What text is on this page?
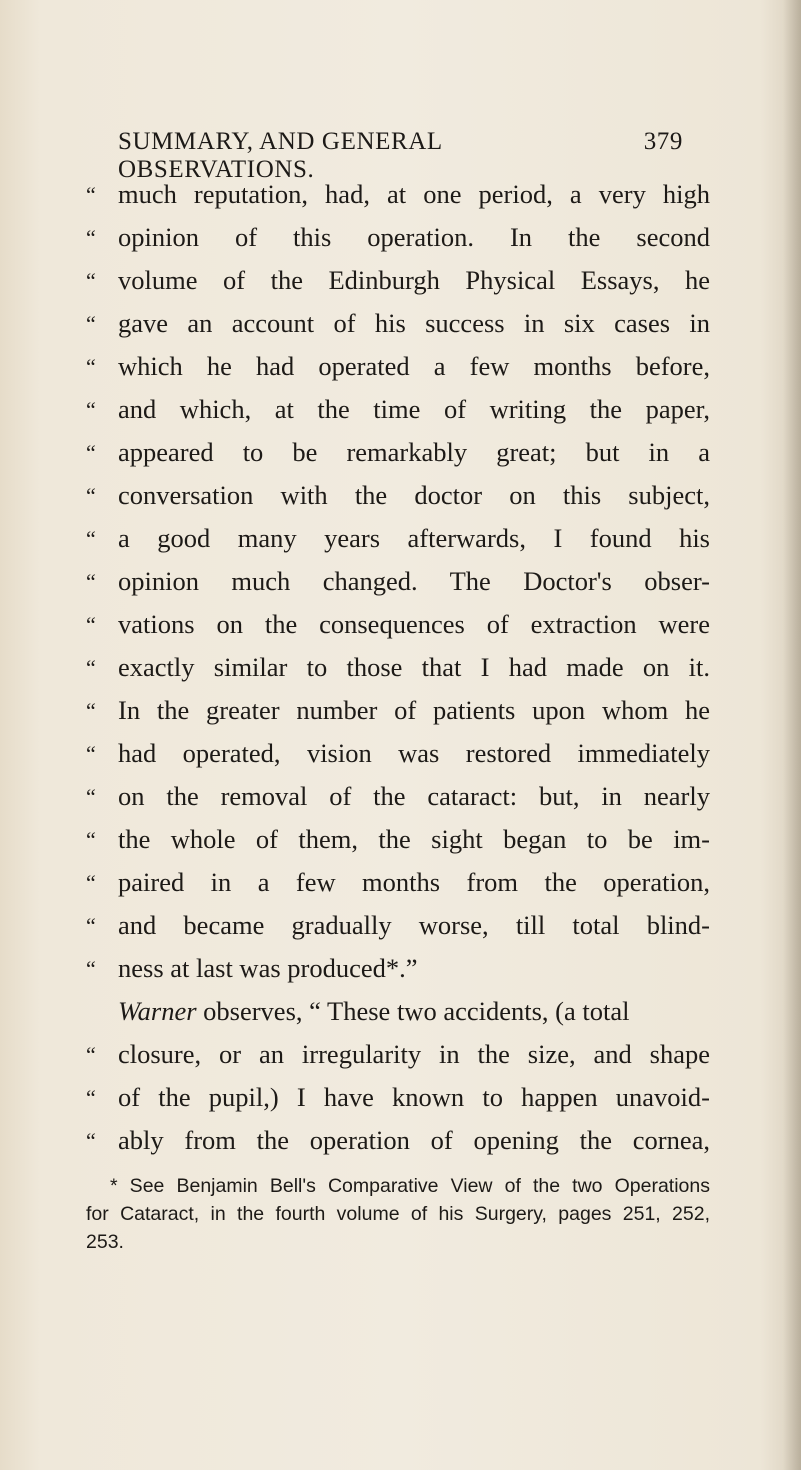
SUMMARY, AND GENERAL OBSERVATIONS.
379
“ much reputation, had, at one period, a very high
“ opinion of this operation. In the second
“ volume of the Edinburgh Physical Essays, he
“ gave an account of his success in six cases in
“ which he had operated a few months before,
“ and which, at the time of writing the paper,
“ appeared to be remarkably great; but in a
“ conversation with the doctor on this subject,
“ a good many years afterwards, I found his
“ opinion much changed. The Doctor's obser-
“ vations on the consequences of extraction were
“ exactly similar to those that I had made on it.
“ In the greater number of patients upon whom he
“ had operated, vision was restored immediately
“ on the removal of the cataract: but, in nearly
“ the whole of them, the sight began to be im-
“ paired in a few months from the operation,
“ and became gradually worse, till total blind-
“ ness at last was produced*.”
Warner observes, “ These two accidents, (a total
“ closure, or an irregularity in the size, and shape
“ of the pupil,) I have known to happen unavoid-
“ ably from the operation of opening the cornea,
* See Benjamin Bell's Comparative View of the two Operations
for Cataract, in the fourth volume of his Surgery, pages 251, 252,
253.
